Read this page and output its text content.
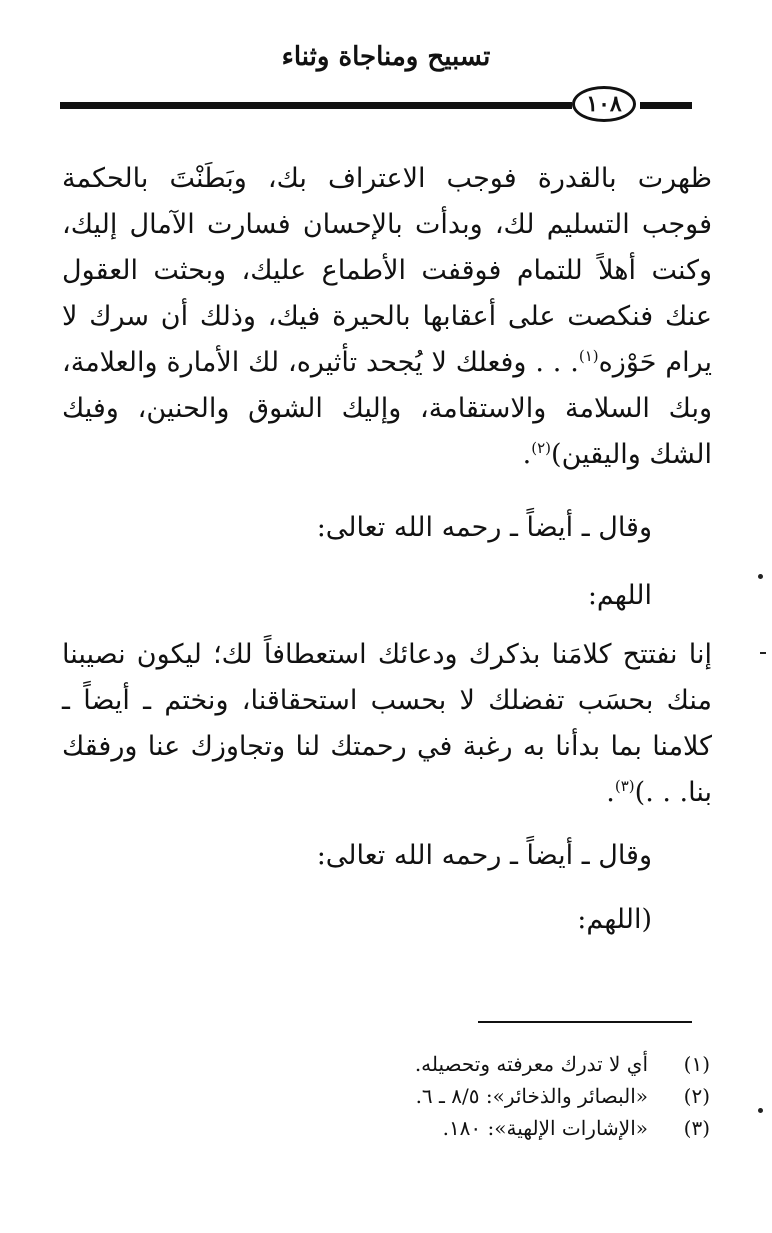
تسبيح ومناجاة وثناء
١٠٨
ظهرت بالقدرة فوجب الاعتراف بك، وبَطَنْتَ بالحكمة فوجب التسليم لك، وبدأت بالإحسان فسارت الآمال إليك، وكنت أهلاً للتمام فوقفت الأطماع عليك، وبحثت العقول عنك فنكصت على أعقابها بالحيرة فيك، وذلك أن سرك لا يرام حَوْزه$^{(١)}$. . . وفعلك لا يُجحد تأثيره، لك الأمارة والعلامة، وبك السلامة والاستقامة، وإليك الشوق والحنين، وفيك الشك واليقين)$^{(٢)}$.
وقال ـ أيضاً ـ رحمه الله تعالى:
اللهم:
إنا نفتتح كلامَنا بذكرك ودعائك استعطافاً لك؛ ليكون نصيبنا منك بحسَب تفضلك لا بحسب استحقاقنا، ونختم ـ أيضاً ـ كلامنا بما بدأنا به رغبة في رحمتك لنا وتجاوزك عنا ورفقك بنا. . .)$^{(٣)}$.
وقال ـ أيضاً ـ رحمه الله تعالى:
(اللهم:
(١)
أي لا تدرك معرفته وتحصيله.
(٢)
«البصائر والذخائر»: ٨/٥ ـ ٦.
(٣)
«الإشارات الإلهية»: ١٨٠.
